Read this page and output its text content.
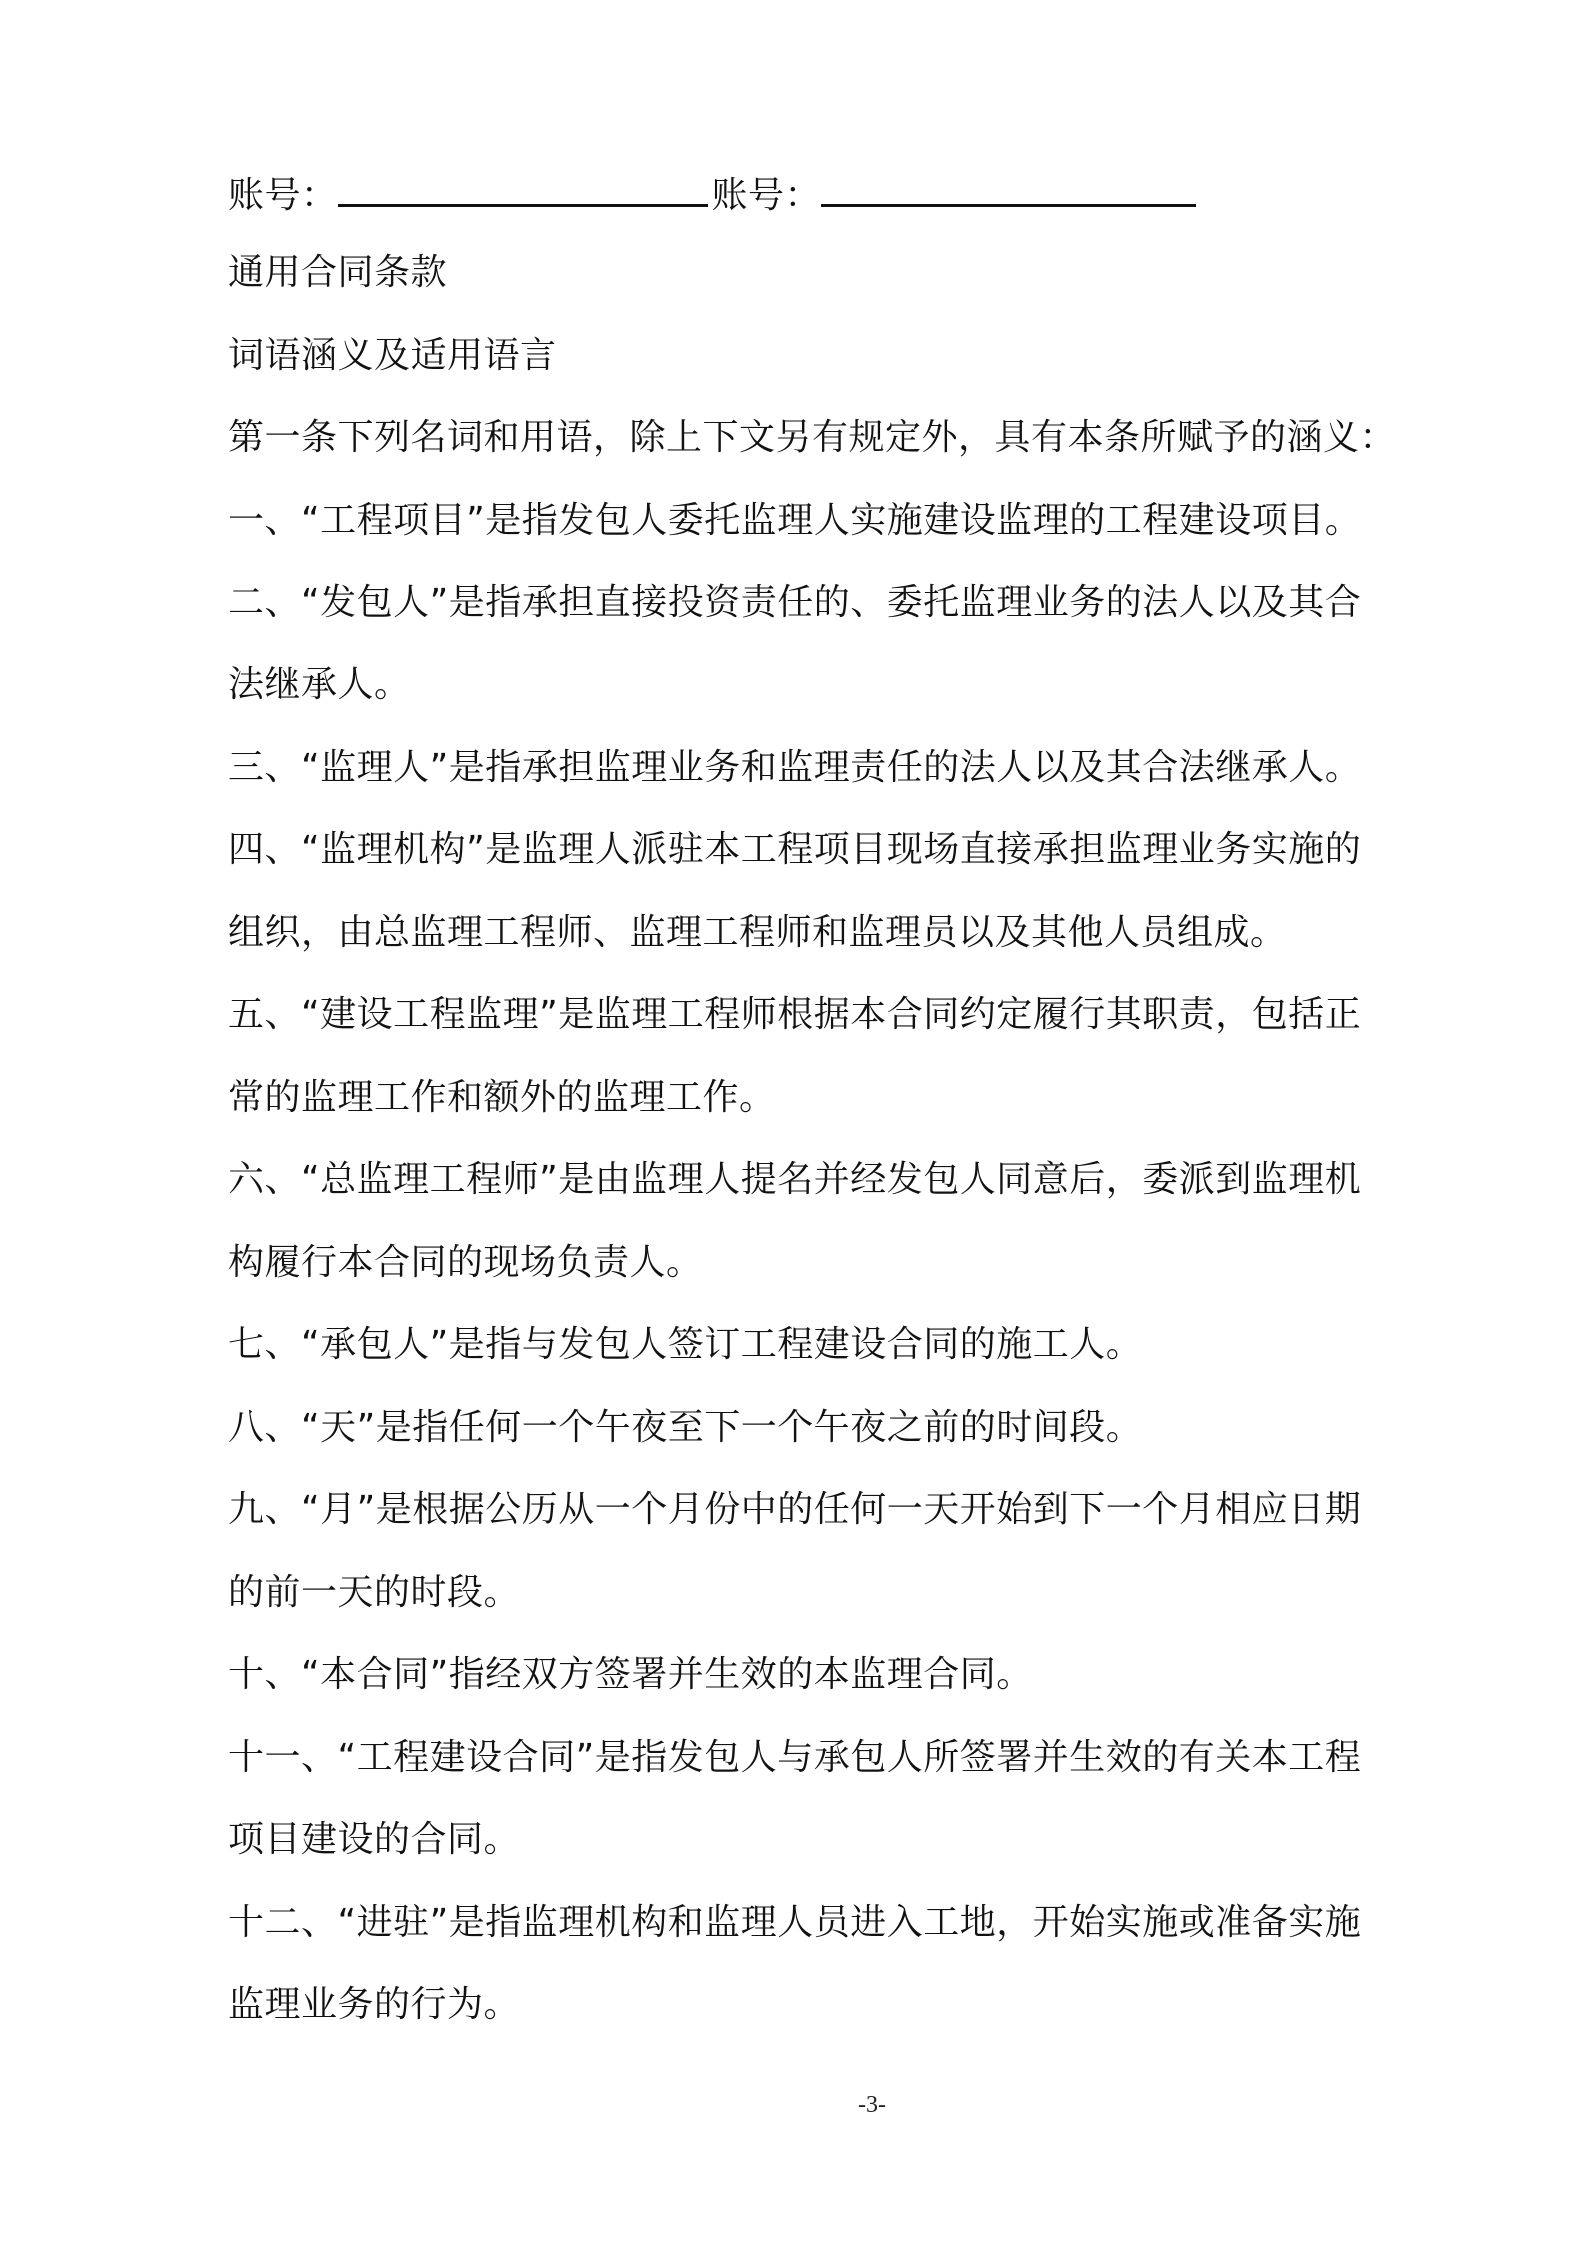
账号：	账号：
通用合同条款
词语涵义及适用语言
第一条下列名词和用语，除上下文另有规定外，具有本条所赋予的涵义：
一、“工程项目”是指发包人委托监理人实施建设监理的工程建设项目。
二、“发包人”是指承担直接投资责任的、委托监理业务的法人以及其合
法继承人。
三、“监理人”是指承担监理业务和监理责任的法人以及其合法继承人。
四、“监理机构”是监理人派驻本工程项目现场直接承担监理业务实施的
组织，由总监理工程师、监理工程师和监理员以及其他人员组成。
五、“建设工程监理”是监理工程师根据本合同约定履行其职责，包括正
常的监理工作和额外的监理工作。
六、“总监理工程师”是由监理人提名并经发包人同意后，委派到监理机
构履行本合同的现场负责人。
七、“承包人”是指与发包人签订工程建设合同的施工人。
八、“天”是指任何一个午夜至下一个午夜之前的时间段。
九、“月”是根据公历从一个月份中的任何一天开始到下一个月相应日期
的前一天的时段。
十、“本合同”指经双方签署并生效的本监理合同。
十一、“工程建设合同”是指发包人与承包人所签署并生效的有关本工程
项目建设的合同。
十二、“进驻”是指监理机构和监理人员进入工地，开始实施或准备实施
监理业务的行为。
-3-
